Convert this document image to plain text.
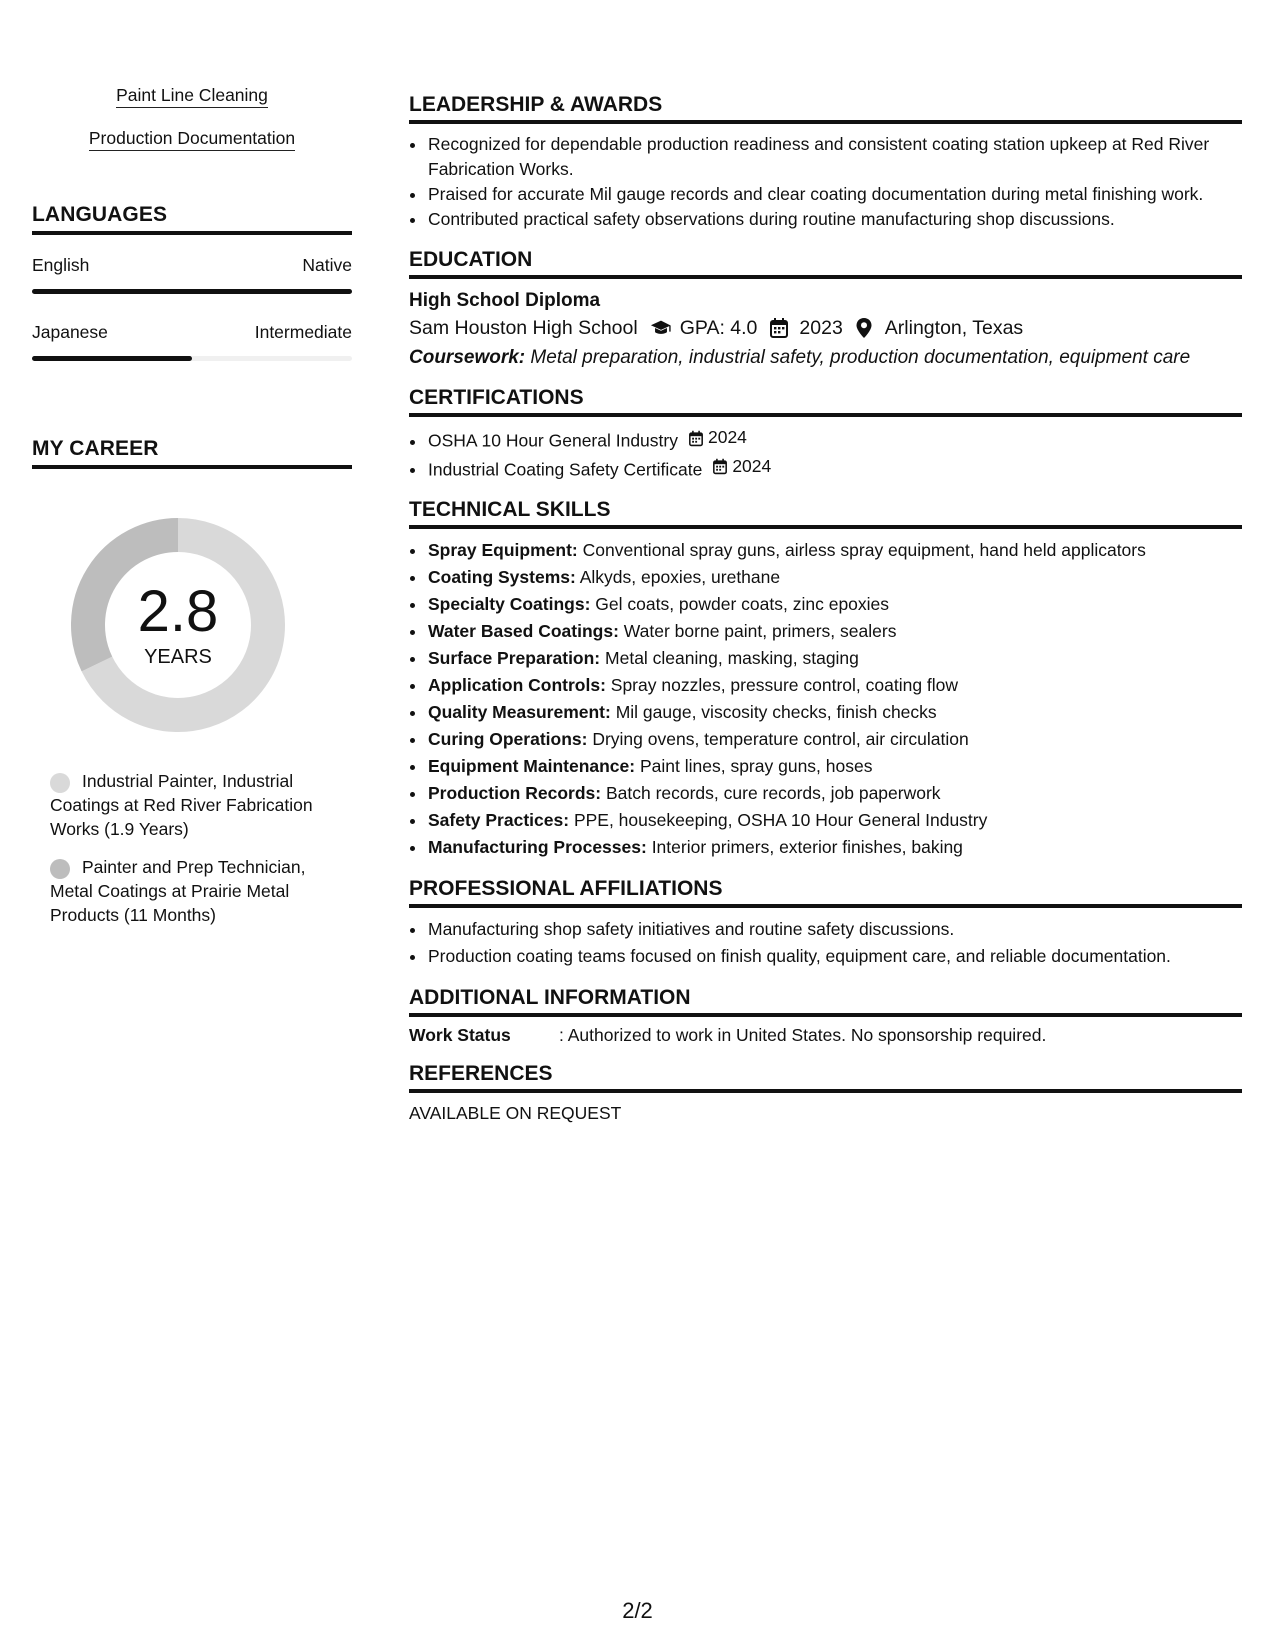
Paint Line Cleaning
Production Documentation
LANGUAGES
English	Native
Japanese	Intermediate
MY CAREER
2.8
YEARS
Industrial Painter, Industrial Coatings at Red River Fabrication Works (1.9 Years)
Painter and Prep Technician, Metal Coatings at Prairie Metal Products (11 Months)
LEADERSHIP & AWARDS
• Recognized for dependable production readiness and consistent coating station upkeep at Red River Fabrication Works.
• Praised for accurate Mil gauge records and clear coating documentation during metal finishing work.
• Contributed practical safety observations during routine manufacturing shop discussions.
EDUCATION
High School Diploma
Sam Houston High School GPA: 4.0 2023 Arlington, Texas
Coursework: Metal preparation, industrial safety, production documentation, equipment care
CERTIFICATIONS
• OSHA 10 Hour General Industry 2024
• Industrial Coating Safety Certificate 2024
TECHNICAL SKILLS
• Spray Equipment: Conventional spray guns, airless spray equipment, hand held applicators
• Coating Systems: Alkyds, epoxies, urethane
• Specialty Coatings: Gel coats, powder coats, zinc epoxies
• Water Based Coatings: Water borne paint, primers, sealers
• Surface Preparation: Metal cleaning, masking, staging
• Application Controls: Spray nozzles, pressure control, coating flow
• Quality Measurement: Mil gauge, viscosity checks, finish checks
• Curing Operations: Drying ovens, temperature control, air circulation
• Equipment Maintenance: Paint lines, spray guns, hoses
• Production Records: Batch records, cure records, job paperwork
• Safety Practices: PPE, housekeeping, OSHA 10 Hour General Industry
• Manufacturing Processes: Interior primers, exterior finishes, baking
PROFESSIONAL AFFILIATIONS
• Manufacturing shop safety initiatives and routine safety discussions.
• Production coating teams focused on finish quality, equipment care, and reliable documentation.
ADDITIONAL INFORMATION
Work Status	: Authorized to work in United States. No sponsorship required.
REFERENCES
AVAILABLE ON REQUEST
2/2
